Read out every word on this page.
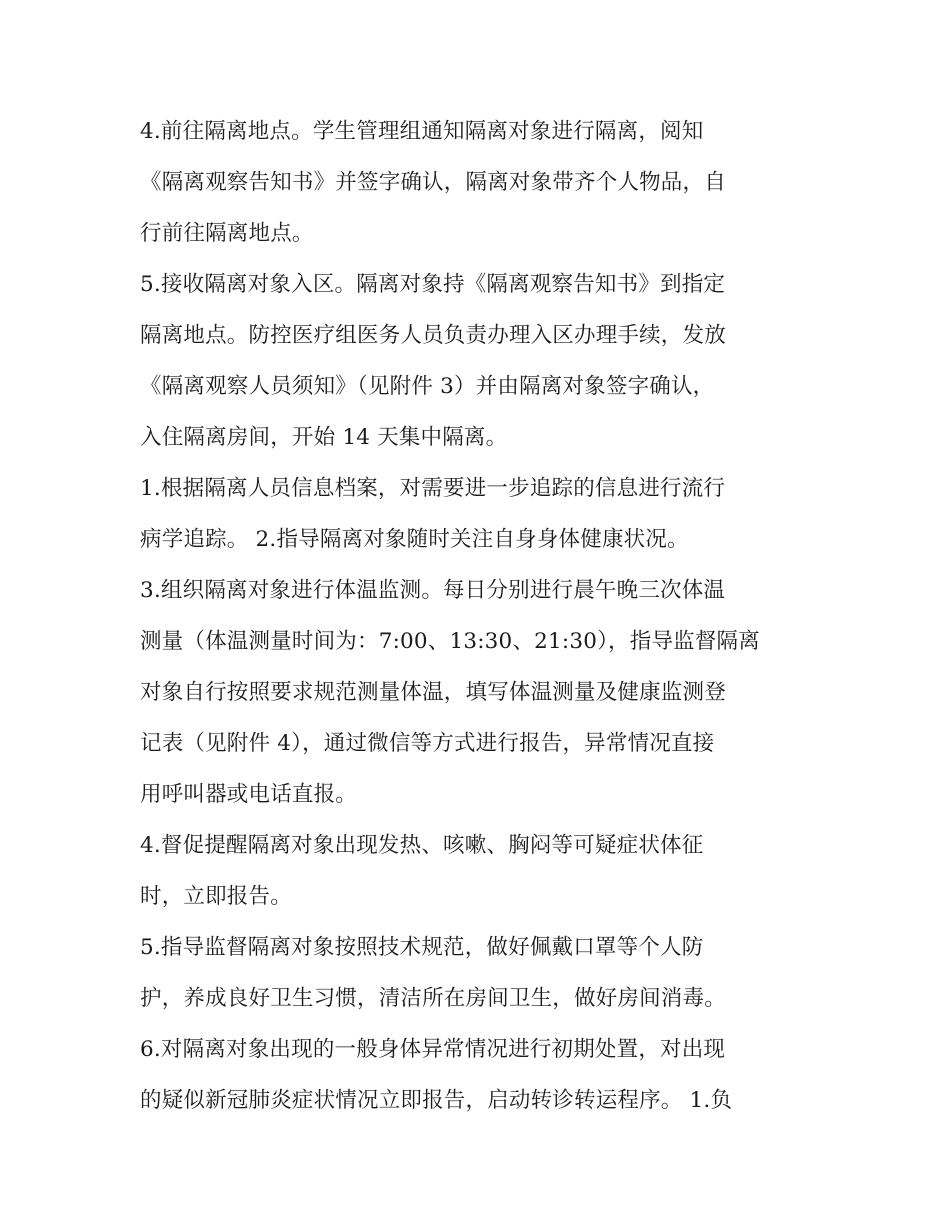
4.前往隔离地点。学生管理组通知隔离对象进行隔离，阅知
《隔离观察告知书》并签字确认，隔离对象带齐个人物品，自
行前往隔离地点。
5.接收隔离对象入区。隔离对象持《隔离观察告知书》到指定
隔离地点。防控医疗组医务人员负责办理入区办理手续，发放
《隔离观察人员须知》（见附件 3）并由隔离对象签字确认，
入住隔离房间，开始 14 天集中隔离。
1.根据隔离人员信息档案，对需要进一步追踪的信息进行流行
病学追踪。 2.指导隔离对象随时关注自身身体健康状况。
3.组织隔离对象进行体温监测。每日分别进行晨午晚三次体温
测量（体温测量时间为：7:00、13:30、21:30），指导监督隔离
对象自行按照要求规范测量体温，填写体温测量及健康监测登
记表（见附件 4），通过微信等方式进行报告，异常情况直接
用呼叫器或电话直报。
4.督促提醒隔离对象出现发热、咳嗽、胸闷等可疑症状体征
时，立即报告。
5.指导监督隔离对象按照技术规范，做好佩戴口罩等个人防
护，养成良好卫生习惯，清洁所在房间卫生，做好房间消毒。
6.对隔离对象出现的一般身体异常情况进行初期处置，对出现
的疑似新冠肺炎症状情况立即报告，启动转诊转运程序。 1.负
